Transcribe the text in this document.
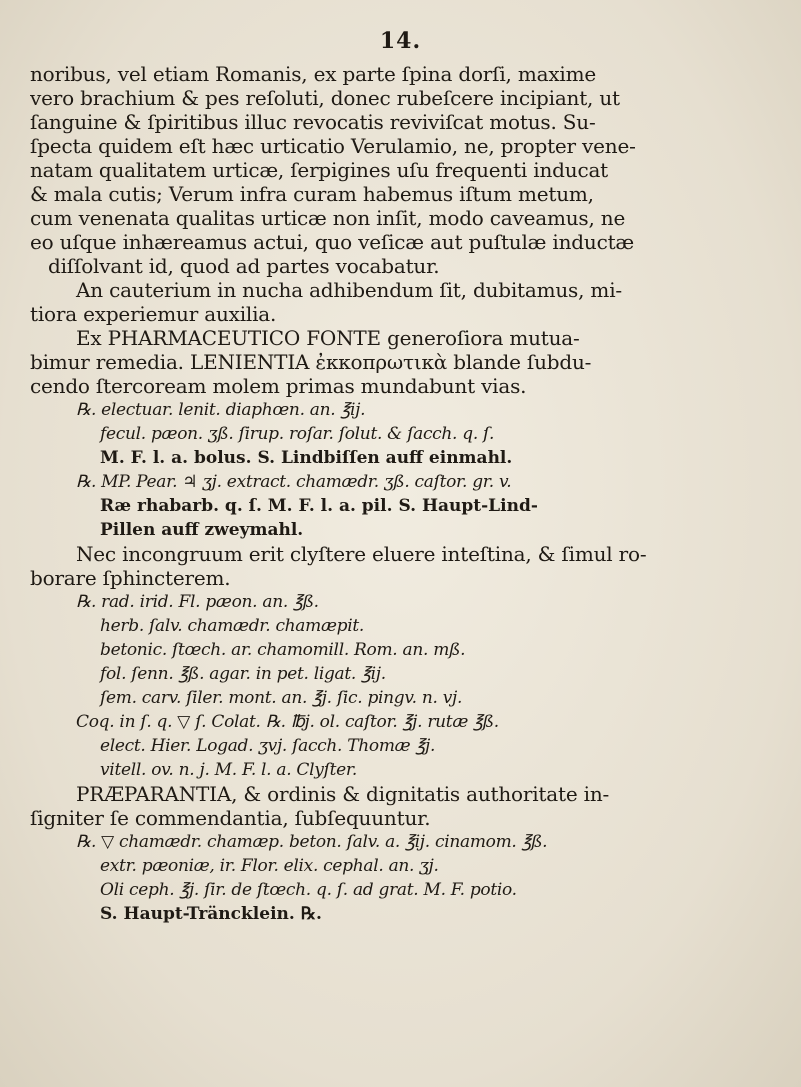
14.
noribus, vel etiam Romanis, ex parte ſpina dorſi, maxime
vero brachium & pes reſoluti, donec rubeſcere incipiant, ut
ſanguine & ſpiritibus illuc revocatis reviviſcat motus. Su-
ſpecta quidem eſt hæc urticatio Verulamio, ne, propter vene-
natam qualitatem urticæ, ſerpigines uſu frequenti inducat
& mala cutis; Verum infra curam habemus iſtum metum,
cum venenata qualitas urticæ non inſit, modo caveamus, ne
eo uſque inhæreamus actui, quo veſicæ aut puſtulæ inductæ
diſſolvant id, quod ad partes vocabatur.
An cauterium in nucha adhibendum ſit, dubitamus, mi-
tiora experiemur auxilia.
Ex PHARMACEUTICO FONTE generoſiora mutua-
bimur remedia. LENIENTIA ἐκκοπρωτικὰ blande ſubdu-
cendo ſtercoream molem primas mundabunt vias.
℞. electuar. lenit. diaphœn. an. ℥ij.
fecul. pæon. ʒß. ſirup. roſar. ſolut. & ſacch. q. ſ.
M. F. l. a. bolus. S. Lindbiſſen auff einmahl.
℞. MP. Pear. ♃ ʒj. extract. chamædr. ʒß. caſtor. gr. v.
Ræ rhabarb. q. ſ. M. F. l. a. pil. S. Haupt-Lind-
Pillen auff zweymahl.
Nec incongruum erit clyſtere eluere inteſtina, & ſimul ro-
borare ſphincterem.
℞. rad. irid. Fl. pæon. an. ℥ß.
herb. ſalv. chamædr. chamæpit.
betonic. ſtœch. ar. chamomill. Rom. an. mß.
fol. ſenn. ℥ß. agar. in pet. ligat. ℥ij.
ſem. carv. ſiler. mont. an. ℥j. ſic. pingv. n. vj.
Coq. in ſ. q. ▽ ſ. Colat. ℞. ℔j. ol. caſtor. ℥j. rutæ ℥ß.
elect. Hier. Logad. ʒvj. ſacch. Thomæ ℥j.
vitell. ov. n. j. M. F. l. a. Clyſter.
PRÆPARANTIA, & ordinis & dignitatis authoritate in-
ſigniter ſe commendantia, ſubſequuntur.
℞. ▽ chamædr. chamæp. beton. ſalv. a. ℥ij. cinamom. ℥ß.
extr. pæoniæ, ir. Flor. elix. cephal. an. ʒj.
Oli ceph. ℥j. ſir. de ſtœch. q. ſ. ad grat. M. F. potio.
S. Haupt-Träncklein. ℞.
